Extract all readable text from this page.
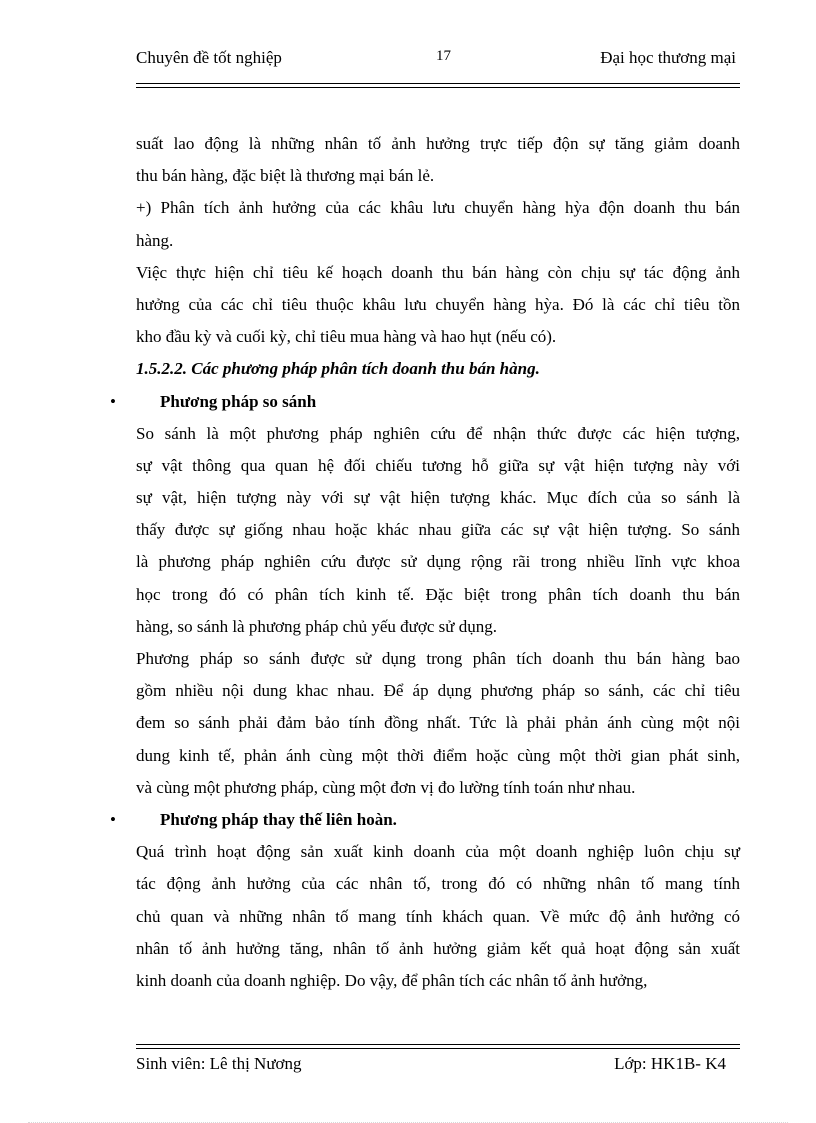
Chuyên đề tốt nghiệp	17	Đại học thương mại
suất lao động là những nhân tố ảnh hưởng trực tiếp độn sự tăng giảm doanh
thu bán hàng, đặc biệt là thương mại bán lẻ.
+) Phân tích ảnh hưởng của các khâu lưu chuyển hàng hỳa độn doanh thu bán
hàng.
Việc thực hiện chỉ tiêu kế hoạch doanh thu bán hàng còn chịu sự tác động ảnh
hưởng của các chỉ tiêu thuộc khâu lưu chuyển hàng hỳa. Đó là các chỉ tiêu tồn
kho đầu kỳ và cuối kỳ, chỉ tiêu mua hàng và hao hụt (nếu có).
1.5.2.2. Các phương pháp phân tích doanh thu bán hàng.
•	Phương pháp so sánh
So sánh là một phương pháp nghiên cứu để nhận thức được các hiện tượng,
sự vật thông qua quan hệ đối chiếu tương hỗ giữa sự vật hiện tượng này với
sự vật, hiện tượng này với sự vật hiện tượng khác. Mục đích của so sánh là
thấy được sự giống nhau hoặc khác nhau giữa các sự vật hiện tượng. So sánh
là phương pháp nghiên cứu được sử dụng rộng rãi trong nhiều lĩnh vực khoa
học trong đó có phân tích kinh tế. Đặc biệt trong phân tích doanh thu bán
hàng, so sánh là phương pháp chủ yếu được sử dụng.
Phương pháp so sánh được sử dụng trong phân tích doanh thu bán hàng bao
gồm nhiều nội dung khac nhau. Để áp dụng phương pháp so sánh, các chỉ tiêu
đem so sánh phải đảm bảo tính đồng nhất. Tức là phải phản ánh cùng một nội
dung kinh tế, phản ánh cùng một thời điểm hoặc cùng một thời gian phát sinh,
và cùng một phương pháp, cùng một đơn vị đo lường tính toán như nhau.
•	Phương pháp thay thế liên hoàn.
Quá trình hoạt động sản xuất kinh doanh của một doanh nghiệp luôn chịu sự
tác động ảnh hưởng của các nhân tố, trong đó có những nhân tố mang tính
chủ quan và những nhân tố mang tính khách quan. Về mức độ ảnh hưởng có
nhân tố ảnh hưởng tăng, nhân tố ảnh hưởng giảm kết quả hoạt động sản xuất
kinh doanh của doanh nghiệp. Do vậy, để phân tích các nhân tố ảnh hưởng,
Sinh viên: Lê thị Nương	Lớp: HK1B- K4
